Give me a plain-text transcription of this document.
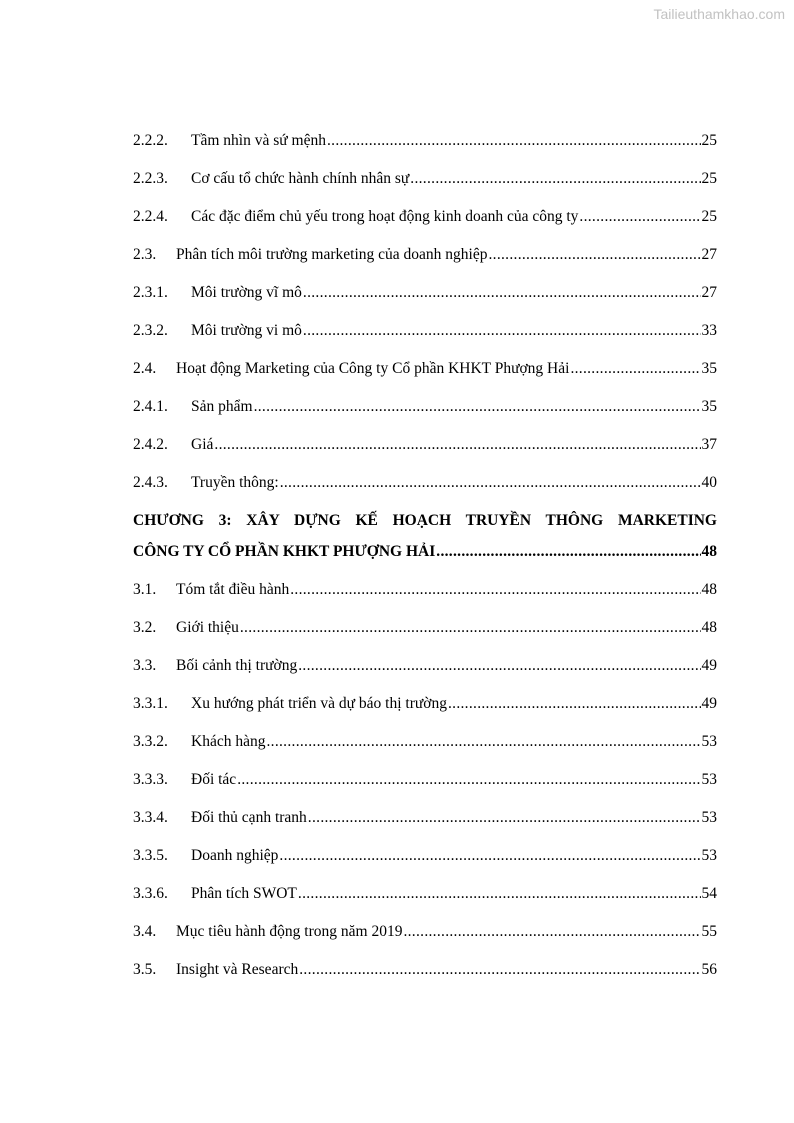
Tailieuthamkhao.com
2.2.2.	Tầm nhìn và sứ mệnh .....	25
2.2.3.	Cơ cấu tổ chức hành chính nhân sự .....	25
2.2.4.	Các đặc điểm chủ yếu trong hoạt động kinh doanh của công ty .....	25
2.3.	Phân tích môi trường marketing của doanh nghiệp .....	27
2.3.1.	Môi trường vĩ mô .....	27
2.3.2.	Môi trường vi mô .....	33
2.4.	Hoạt động Marketing của Công ty Cổ phần KHKT Phượng Hải .....	35
2.4.1.	Sản phẩm .....	35
2.4.2.	Giá .....	37
2.4.3.	Truyền thông: .....	40
CHƯƠNG 3: XÂY DỰNG KẾ HOẠCH TRUYỀN THÔNG MARKETING
CÔNG TY CỔ PHẦN KHKT PHƯỢNG HẢI .....	48
3.1.	Tóm tắt điều hành .....	48
3.2.	Giới thiệu .....	48
3.3.	Bối cảnh thị trường .....	49
3.3.1.	Xu hướng phát triển và dự báo thị trường .....	49
3.3.2.	Khách hàng .....	53
3.3.3.	Đối tác .....	53
3.3.4.	Đối thủ cạnh tranh .....	53
3.3.5.	Doanh nghiệp .....	53
3.3.6.	Phân tích SWOT .....	54
3.4.	Mục tiêu hành động trong năm 2019 .....	55
3.5.	Insight và Research .....	56
